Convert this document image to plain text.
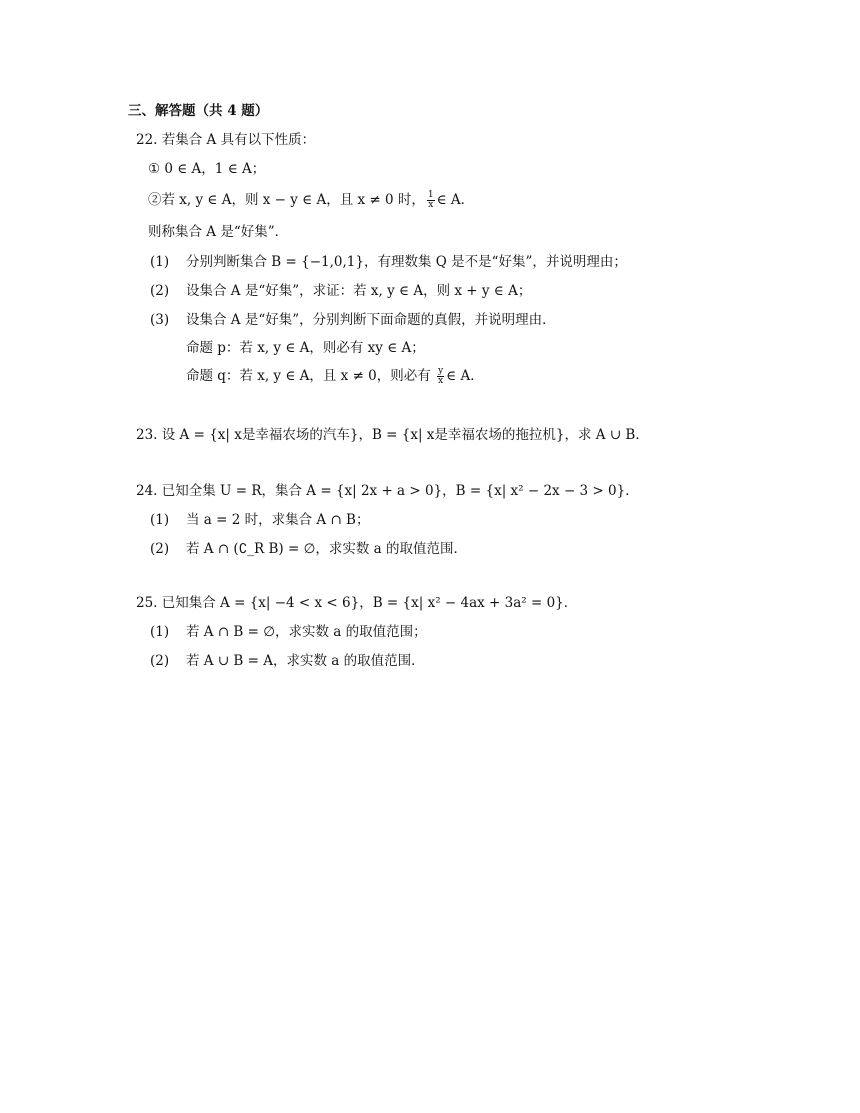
三、解答题（共 4 题）
22. 若集合 A 具有以下性质：
① 0 ∈ A，1 ∈ A；
②若 x, y ∈ A，则 x − y ∈ A，且 x ≠ 0 时， $\frac{1}{x}$ ∈ A．
则称集合 A 是“好集”．
(1) 分别判断集合 B = {−1,0,1}，有理数集 Q 是不是“好集”，并说明理由；
(2) 设集合 A 是“好集”，求证：若 x, y ∈ A，则 x + y ∈ A；
(3) 设集合 A 是“好集”，分别判断下面命题的真假，并说明理由．
命题 p：若 x, y ∈ A，则必有 xy ∈ A；
命题 q：若 x, y ∈ A，且 x ≠ 0，则必有 $\frac{y}{x}$ ∈ A．
23. 设 A = {x| x是幸福农场的汽车}，B = {x| x是幸福农场的拖拉机}，求 A ∪ B．
24. 已知全集 U = R，集合 A = {x| 2x + a > 0}，B = {x| x² − 2x − 3 > 0}．
(1) 当 a = 2 时，求集合 A ∩ B；
(2) 若 A ∩ (∁_R B) = ∅，求实数 a 的取值范围．
25. 已知集合 A = {x| −4 < x < 6}，B = {x| x² − 4ax + 3a² = 0}．
(1) 若 A ∩ B = ∅，求实数 a 的取值范围；
(2) 若 A ∪ B = A，求实数 a 的取值范围．
